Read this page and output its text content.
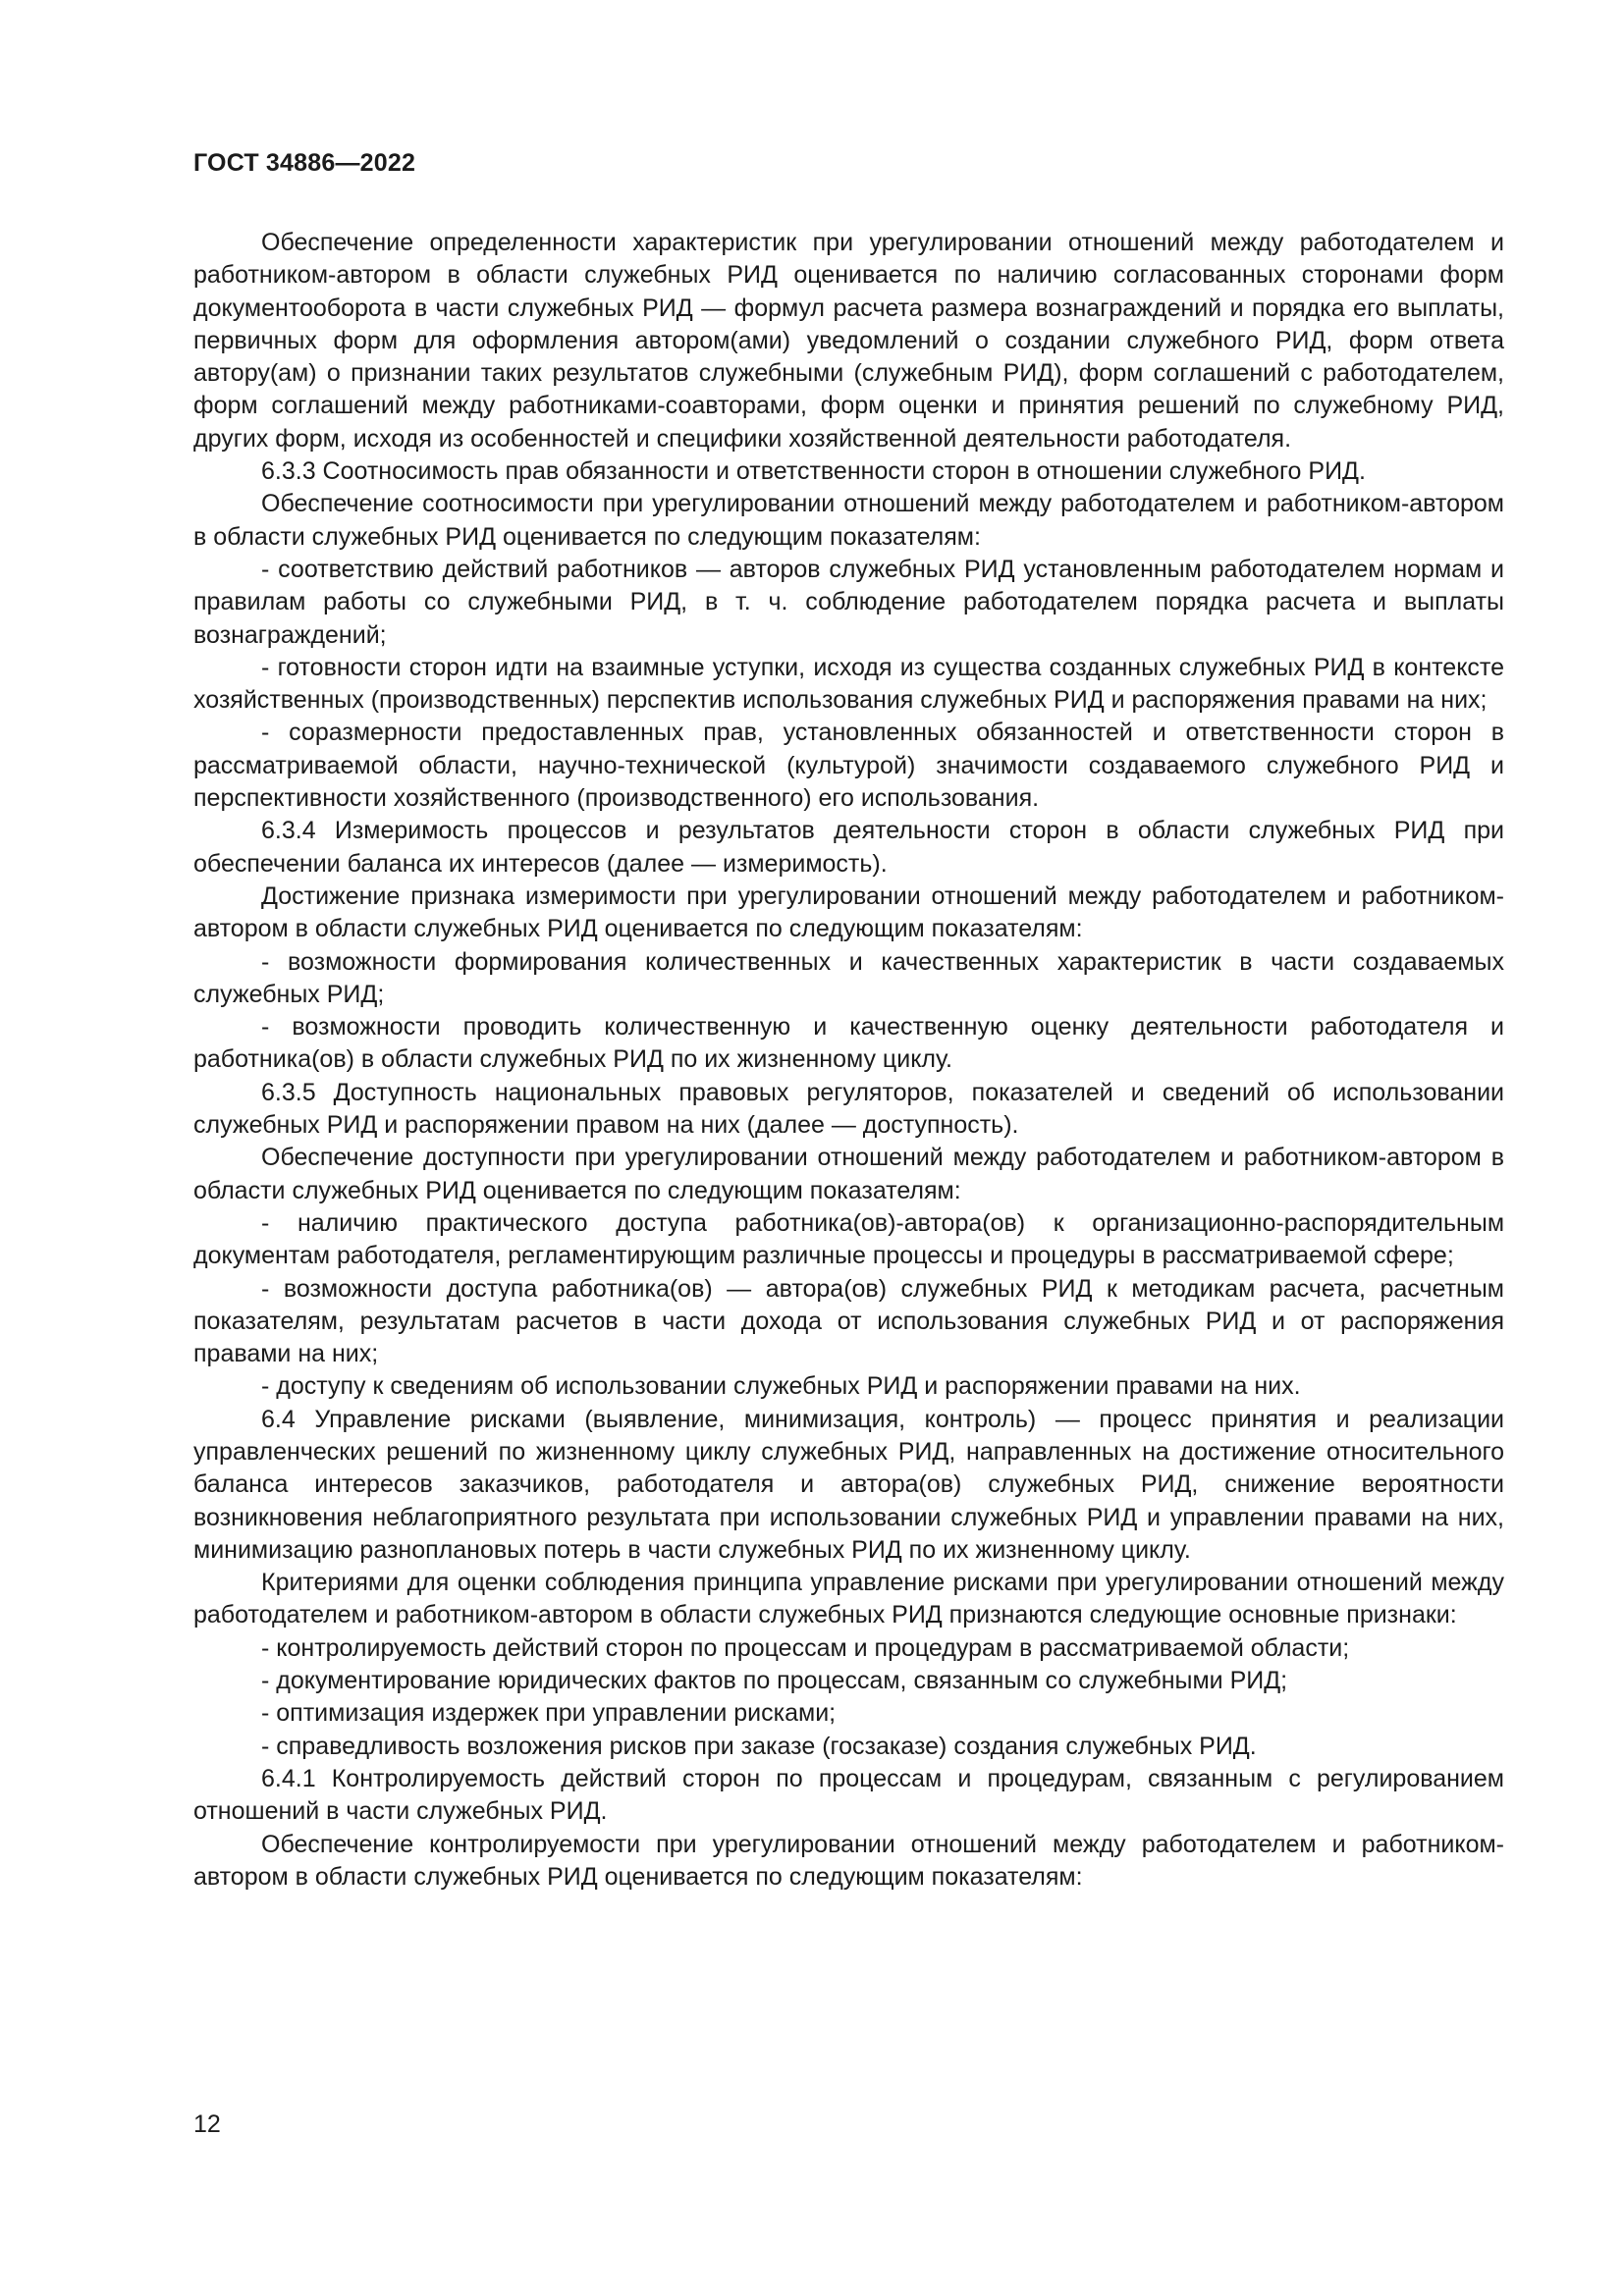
ГОСТ 34886—2022

Обеспечение определенности характеристик при урегулировании отношений между работодателем и работником-автором в области служебных РИД оценивается по наличию согласованных сторонами форм документооборота в части служебных РИД — формул расчета размера вознаграждений и порядка его выплаты, первичных форм для оформления автором(ами) уведомлений о создании служебного РИД, форм ответа автору(ам) о признании таких результатов служебными (служебным РИД), форм соглашений с работодателем, форм соглашений между работниками-соавторами, форм оценки и принятия решений по служебному РИД, других форм, исходя из особенностей и специфики хозяйственной деятельности работодателя.

6.3.3 Соотносимость прав обязанности и ответственности сторон в отношении служебного РИД.

Обеспечение соотносимости при урегулировании отношений между работодателем и работником-автором в области служебных РИД оценивается по следующим показателям:

- соответствию действий работников — авторов служебных РИД установленным работодателем нормам и правилам работы со служебными РИД, в т. ч. соблюдение работодателем порядка расчета и выплаты вознаграждений;

- готовности сторон идти на взаимные уступки, исходя из существа созданных служебных РИД в контексте хозяйственных (производственных) перспектив использования служебных РИД и распоряжения правами на них;

- соразмерности предоставленных прав, установленных обязанностей и ответственности сторон в рассматриваемой области, научно-технической (культурой) значимости создаваемого служебного РИД и перспективности хозяйственного (производственного) его использования.

6.3.4 Измеримость процессов и результатов деятельности сторон в области служебных РИД при обеспечении баланса их интересов (далее — измеримость).

Достижение признака измеримости при урегулировании отношений между работодателем и работником-автором в области служебных РИД оценивается по следующим показателям:

- возможности формирования количественных и качественных характеристик в части создаваемых служебных РИД;

- возможности проводить количественную и качественную оценку деятельности работодателя и работника(ов) в области служебных РИД по их жизненному циклу.

6.3.5 Доступность национальных правовых регуляторов, показателей и сведений об использовании служебных РИД и распоряжении правом на них (далее — доступность).

Обеспечение доступности при урегулировании отношений между работодателем и работником-автором в области служебных РИД оценивается по следующим показателям:

- наличию практического доступа работника(ов)-автора(ов) к организационно-распорядительным документам работодателя, регламентирующим различные процессы и процедуры в рассматриваемой сфере;

- возможности доступа работника(ов) — автора(ов) служебных РИД к методикам расчета, расчетным показателям, результатам расчетов в части дохода от использования служебных РИД и от распоряжения правами на них;

- доступу к сведениям об использовании служебных РИД и распоряжении правами на них.

6.4 Управление рисками (выявление, минимизация, контроль) — процесс принятия и реализации управленческих решений по жизненному циклу служебных РИД, направленных на достижение относительного баланса интересов заказчиков, работодателя и автора(ов) служебных РИД, снижение вероятности возникновения неблагоприятного результата при использовании служебных РИД и управлении правами на них, минимизацию разноплановых потерь в части служебных РИД по их жизненному циклу.

Критериями для оценки соблюдения принципа управление рисками при урегулировании отношений между работодателем и работником-автором в области служебных РИД признаются следующие основные признаки:

- контролируемость действий сторон по процессам и процедурам в рассматриваемой области;

- документирование юридических фактов по процессам, связанным со служебными РИД;

- оптимизация издержек при управлении рисками;

- справедливость возложения рисков при заказе (госзаказе) создания служебных РИД.

6.4.1 Контролируемость действий сторон по процессам и процедурам, связанным с регулированием отношений в части служебных РИД.

Обеспечение контролируемости при урегулировании отношений между работодателем и работником-автором в области служебных РИД оценивается по следующим показателям:

12
